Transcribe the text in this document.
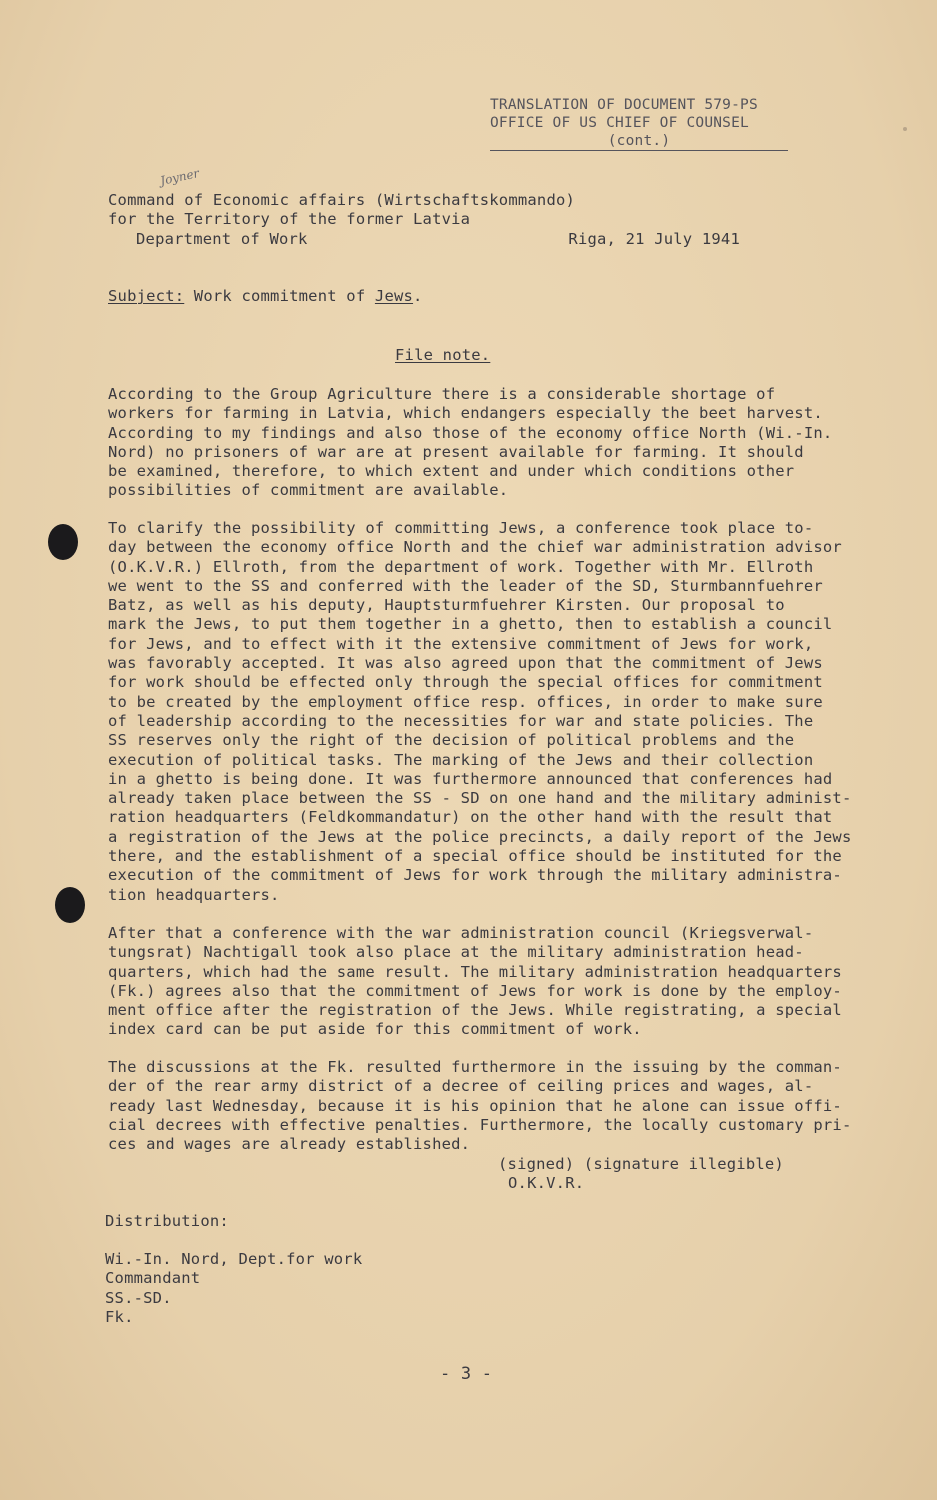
TRANSLATION OF DOCUMENT 579-PS
OFFICE OF US CHIEF OF COUNSEL
(cont.)
Joyner
Command of Economic affairs (Wirtschaftskommando)
for the Territory of the former Latvia
Department of Work	Riga, 21 July 1941
Subject: Work commitment of Jews.
File note.
According to the Group Agriculture there is a considerable shortage of
workers for farming in Latvia, which endangers especially the beet harvest.
According to my findings and also those of the economy office North (Wi.-In.
Nord) no prisoners of war are at present available for farming. It should
be examined, therefore, to which extent and under which conditions other
possibilities of commitment are available.
To clarify the possibility of committing Jews, a conference took place to-
day between the economy office North and the chief war administration advisor
(O.K.V.R.) Ellroth, from the department of work. Together with Mr. Ellroth
we went to the SS and conferred with the leader of the SD, Sturmbannfuehrer
Batz, as well as his deputy, Hauptsturmfuehrer Kirsten. Our proposal to
mark the Jews, to put them together in a ghetto, then to establish a council
for Jews, and to effect with it the extensive commitment of Jews for work,
was favorably accepted. It was also agreed upon that the commitment of Jews
for work should be effected only through the special offices for commitment
to be created by the employment office resp. offices, in order to make sure
of leadership according to the necessities for war and state policies. The
SS reserves only the right of the decision of political problems and the
execution of political tasks. The marking of the Jews and their collection
in a ghetto is being done. It was furthermore announced that conferences had
already taken place between the SS - SD on one hand and the military administ-
ration headquarters (Feldkommandatur) on the other hand with the result that
a registration of the Jews at the police precincts, a daily report of the Jews
there, and the establishment of a special office should be instituted for the
execution of the commitment of Jews for work through the military administra-
tion headquarters.
After that a conference with the war administration council (Kriegsverwal-
tungsrat) Nachtigall took also place at the military administration head-
quarters, which had the same result. The military administration headquarters
(Fk.) agrees also that the commitment of Jews for work is done by the employ-
ment office after the registration of the Jews. While registrating, a special
index card can be put aside for this commitment of work.
The discussions at the Fk. resulted furthermore in the issuing by the comman-
der of the rear army district of a decree of ceiling prices and wages, al-
ready last Wednesday, because it is his opinion that he alone can issue offi-
cial decrees with effective penalties. Furthermore, the locally customary pri-
ces and wages are already established.
(signed) (signature illegible)
O.K.V.R.
Distribution:
Wi.-In. Nord, Dept.for work
Commandant
SS.-SD.
Fk.
- 3 -
